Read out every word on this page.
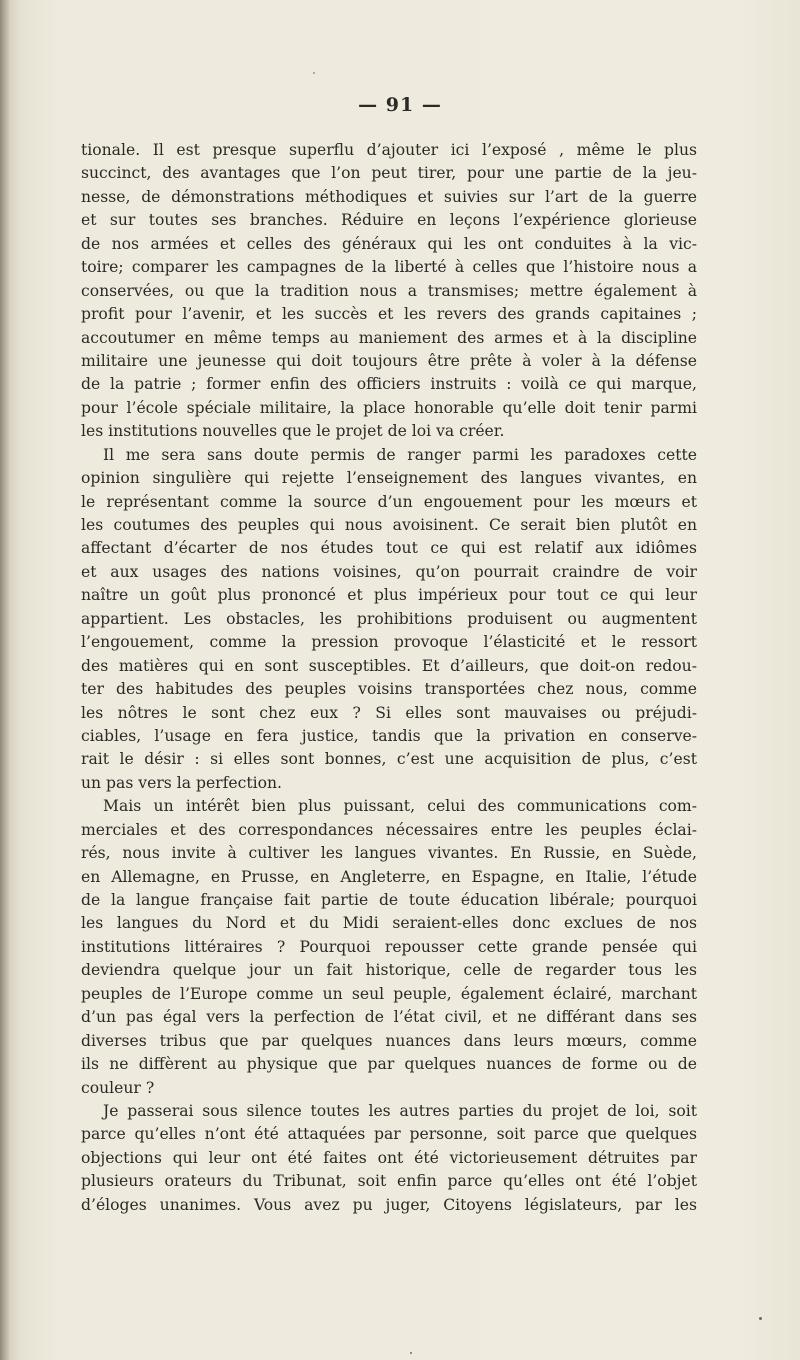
— 91 —
tionale. Il est presque superflu d’ajouter ici l’exposé , même le plus
succinct, des avantages que l’on peut tirer, pour une partie de la jeu-
nesse, de démonstrations méthodiques et suivies sur l’art de la guerre
et sur toutes ses branches. Réduire en leçons l’expérience glorieuse
de nos armées et celles des généraux qui les ont conduites à la vic-
toire; comparer les campagnes de la liberté à celles que l’histoire nous a
conservées, ou que la tradition nous a transmises; mettre également à
profit pour l’avenir, et les succès et les revers des grands capitaines ;
accoutumer en même temps au maniement des armes et à la discipline
militaire une jeunesse qui doit toujours être prête à voler à la défense
de la patrie ; former enfin des officiers instruits : voilà ce qui marque,
pour l’école spéciale militaire, la place honorable qu’elle doit tenir parmi
les institutions nouvelles que le projet de loi va créer.
Il me sera sans doute permis de ranger parmi les paradoxes cette
opinion singulière qui rejette l’enseignement des langues vivantes, en
le représentant comme la source d’un engouement pour les mœurs et
les coutumes des peuples qui nous avoisinent. Ce serait bien plutôt en
affectant d’écarter de nos études tout ce qui est relatif aux idiômes
et aux usages des nations voisines, qu’on pourrait craindre de voir
naître un goût plus prononcé et plus impérieux pour tout ce qui leur
appartient. Les obstacles, les prohibitions produisent ou augmentent
l’engouement, comme la pression provoque l’élasticité et le ressort
des matières qui en sont susceptibles. Et d’ailleurs, que doit-on redou-
ter des habitudes des peuples voisins transportées chez nous, comme
les nôtres le sont chez eux ? Si elles sont mauvaises ou préjudi-
ciables, l’usage en fera justice, tandis que la privation en conserve-
rait le désir : si elles sont bonnes, c’est une acquisition de plus, c’est
un pas vers la perfection.
Mais un intérêt bien plus puissant, celui des communications com-
merciales et des correspondances nécessaires entre les peuples éclai-
rés, nous invite à cultiver les langues vivantes. En Russie, en Suède,
en Allemagne, en Prusse, en Angleterre, en Espagne, en Italie, l’étude
de la langue française fait partie de toute éducation libérale; pourquoi
les langues du Nord et du Midi seraient-elles donc exclues de nos
institutions littéraires ? Pourquoi repousser cette grande pensée qui
deviendra quelque jour un fait historique, celle de regarder tous les
peuples de l’Europe comme un seul peuple, également éclairé, marchant
d’un pas égal vers la perfection de l’état civil, et ne différant dans ses
diverses tribus que par quelques nuances dans leurs mœurs, comme
ils ne diffèrent au physique que par quelques nuances de forme ou de
couleur ?
Je passerai sous silence toutes les autres parties du projet de loi, soit
parce qu’elles n’ont été attaquées par personne, soit parce que quelques
objections qui leur ont été faites ont été victorieusement détruites par
plusieurs orateurs du Tribunat, soit enfin parce qu’elles ont été l’objet
d’éloges unanimes. Vous avez pu juger, Citoyens législateurs, par les
